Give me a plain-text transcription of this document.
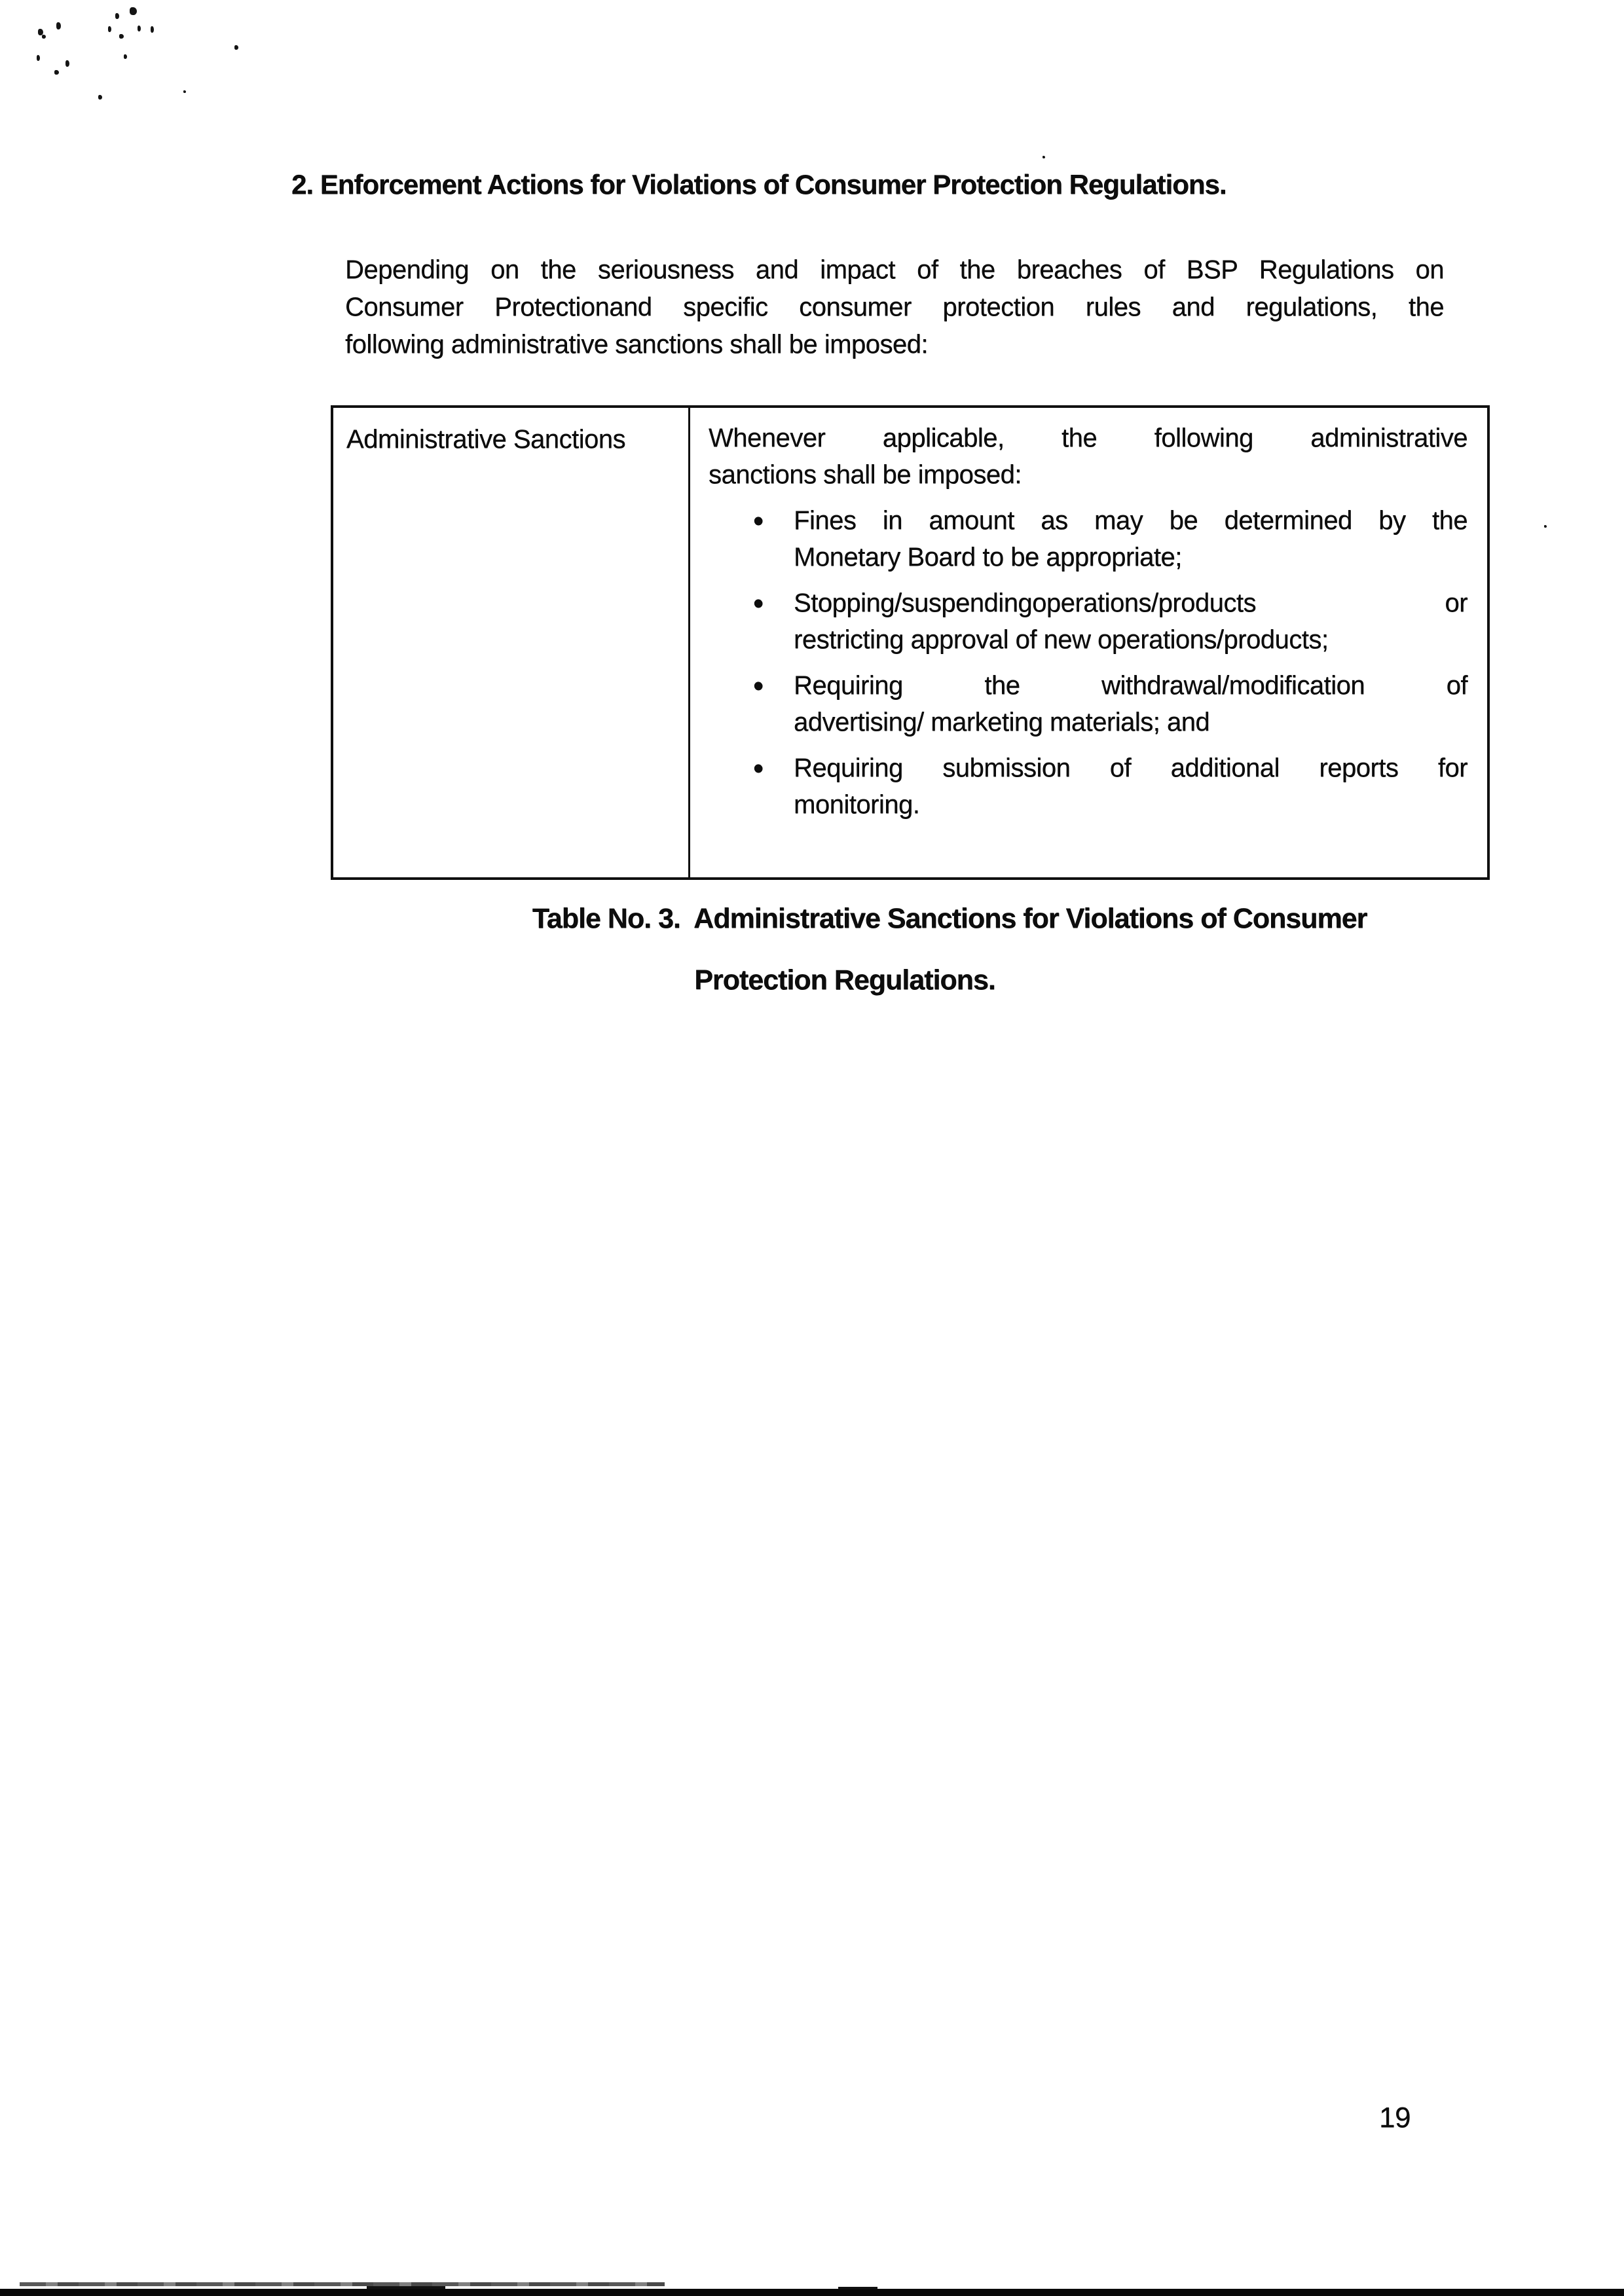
2. Enforcement Actions for Violations of Consumer Protection Regulations.
Depending on the seriousness and impact of the breaches of BSP Regulations on
Consumer Protectionand specific consumer protection rules and regulations, the
following administrative sanctions shall be imposed:
Administrative Sanctions	Whenever applicable, the following administrative
sanctions shall be imposed:
•	Fines in amount as may be determined by the
Monetary Board to be appropriate;
•	Stopping/suspendingoperations/products or
restricting approval of new operations/products;
•	Requiring the withdrawal/modification of
advertising/ marketing materials; and
•	Requiring submission of additional reports for
monitoring.
Table No. 3.  Administrative Sanctions for Violations of Consumer
Protection Regulations.
19
